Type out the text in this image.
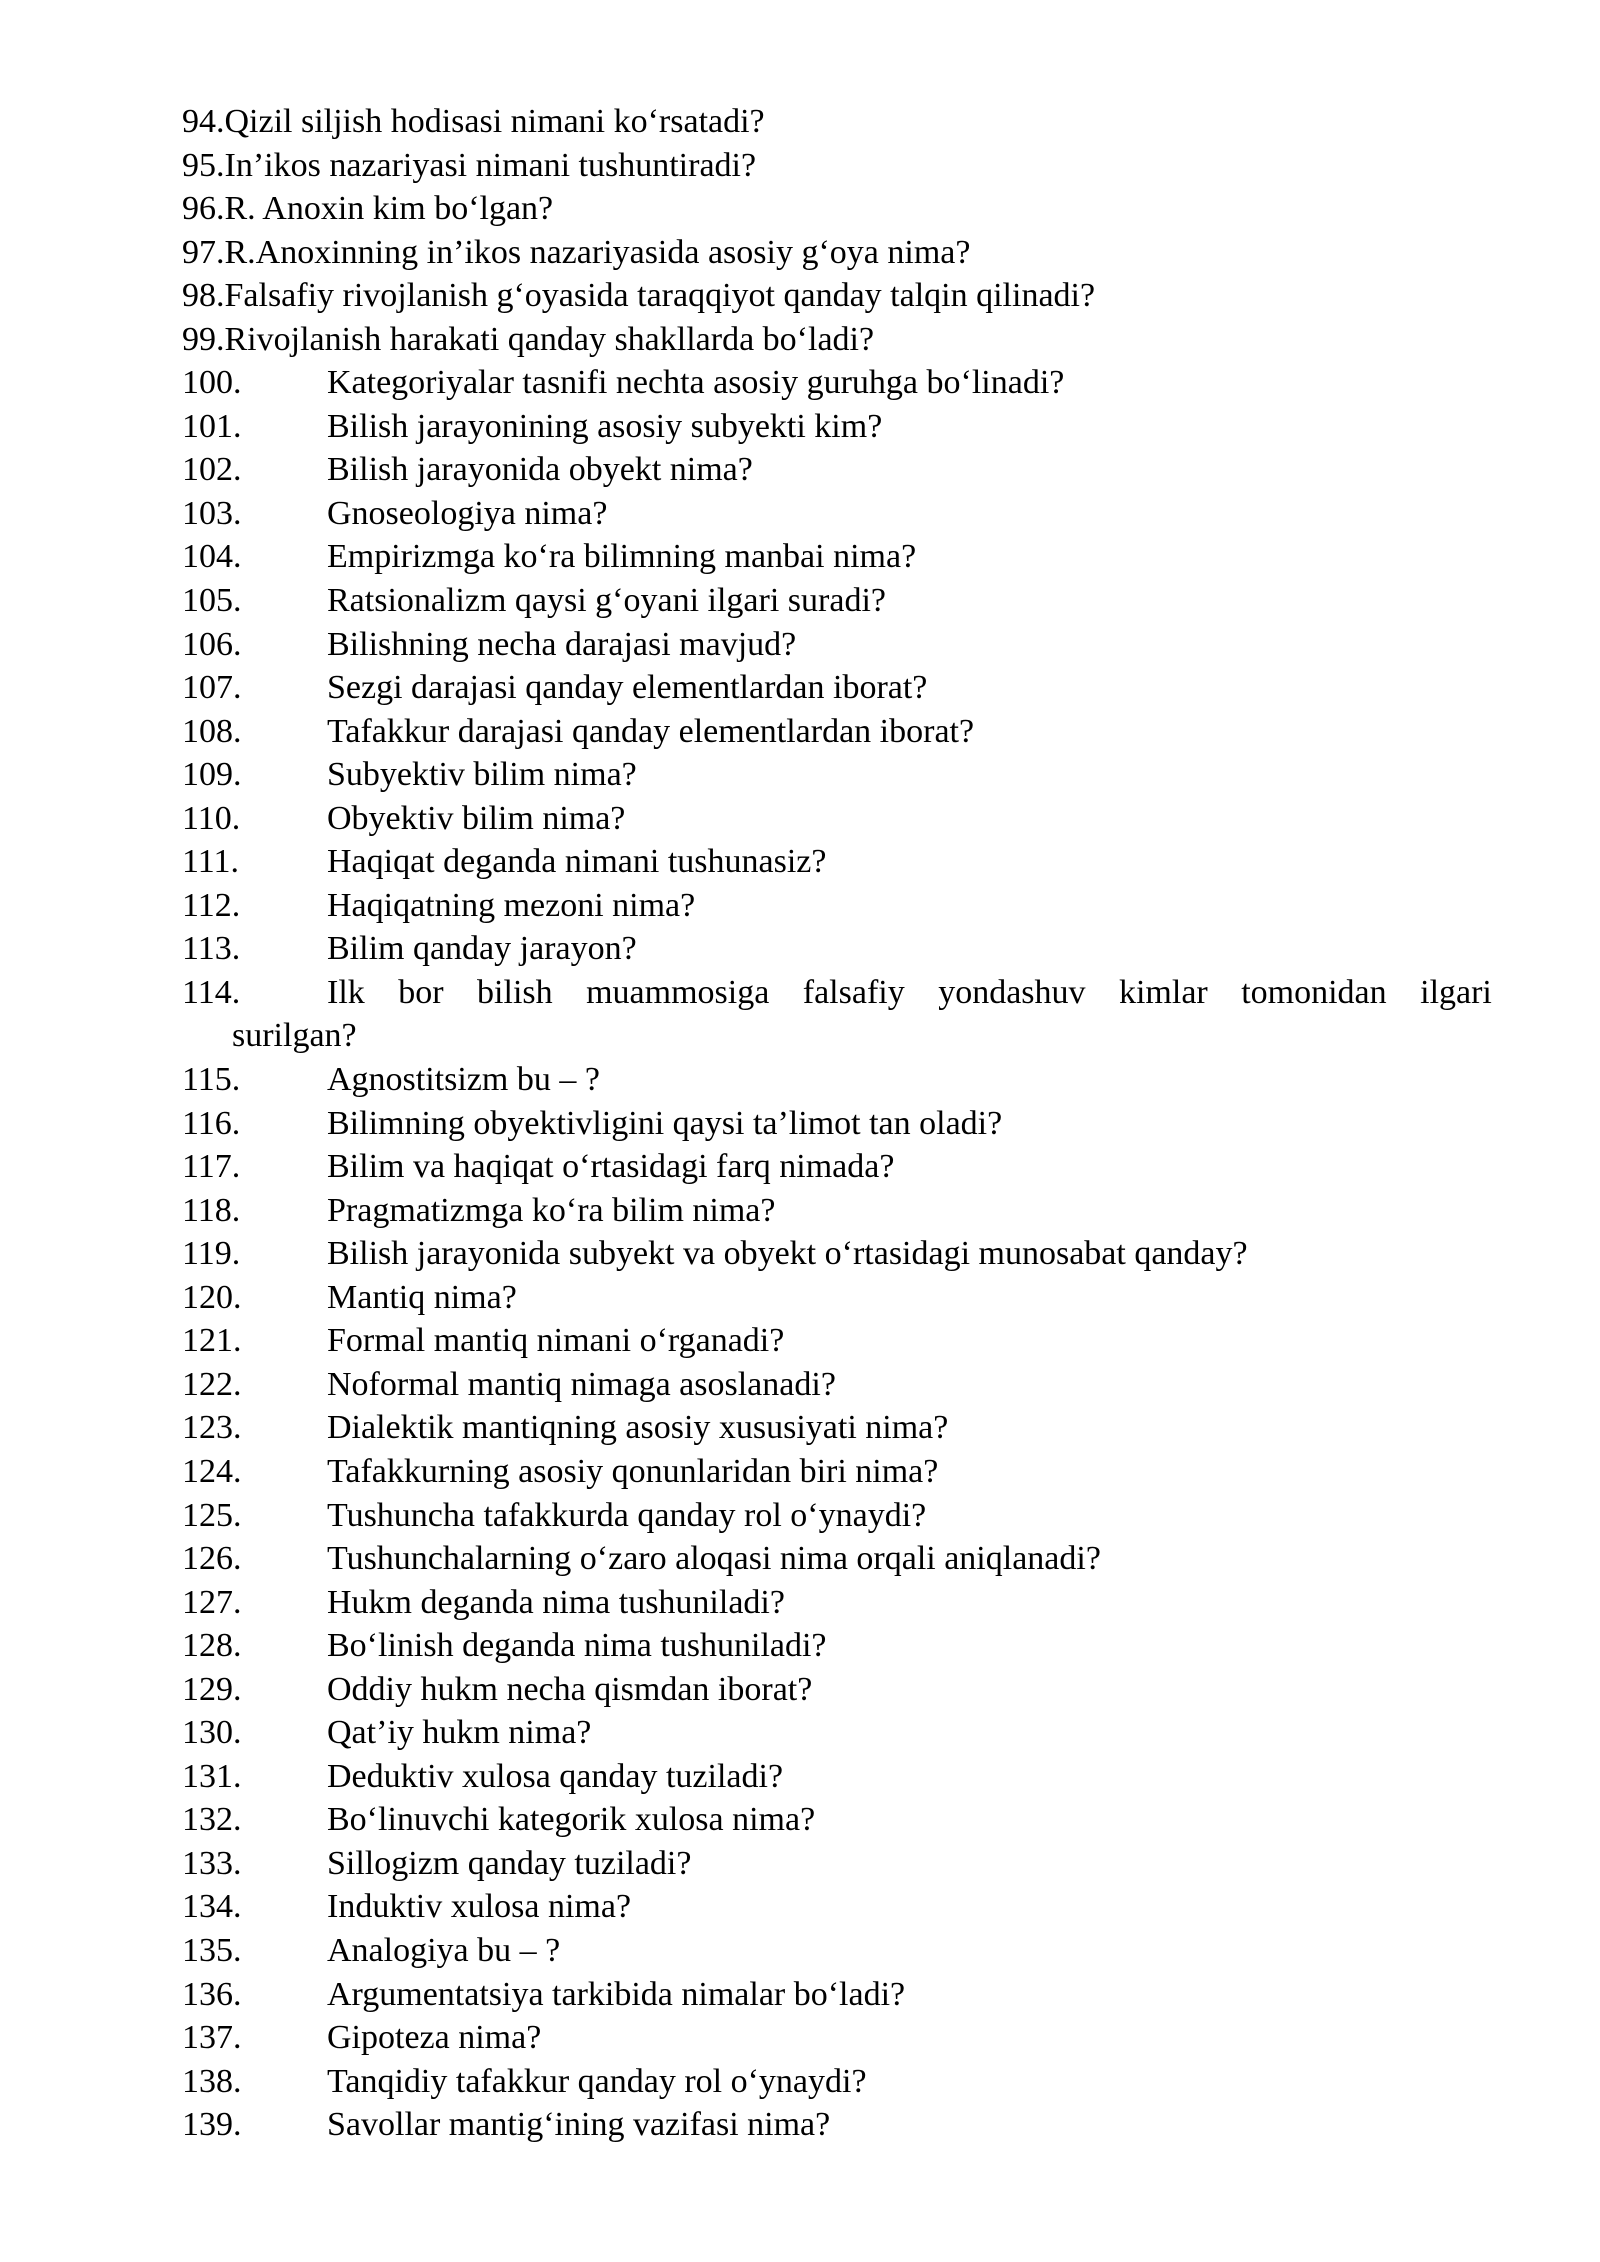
94. Qizil siljish hodisasi nimani ko‘rsatadi?
95. In’ikos nazariyasi nimani tushuntiradi?
96. R. Anoxin kim bo‘lgan?
97. R.Anoxinning in’ikos nazariyasida asosiy g‘oya nima?
98. Falsafiy rivojlanish g‘oyasida taraqqiyot qanday talqin qilinadi?
99. Rivojlanish harakati qanday shakllarda bo‘ladi?
100.	Kategoriyalar tasnifi nechta asosiy guruhga bo‘linadi?
101.	Bilish jarayonining asosiy subyekti kim?
102.	Bilish jarayonida obyekt nima?
103.	Gnoseologiya nima?
104.	Empirizmga ko‘ra bilimning manbai nima?
105.	Ratsionalizm qaysi g‘oyani ilgari suradi?
106.	Bilishning necha darajasi mavjud?
107.	Sezgi darajasi qanday elementlardan iborat?
108.	Tafakkur darajasi qanday elementlardan iborat?
109.	Subyektiv bilim nima?
110.	Obyektiv bilim nima?
111.	Haqiqat deganda nimani tushunasiz?
112.	Haqiqatning mezoni nima?
113.	Bilim qanday jarayon?
114.	Ilk bor bilish muammosiga falsafiy yondashuv kimlar tomonidan ilgari
surilgan?
115.	Agnostitsizm bu – ?
116.	Bilimning obyektivligini qaysi ta’limot tan oladi?
117.	Bilim va haqiqat o‘rtasidagi farq nimada?
118.	Pragmatizmga ko‘ra bilim nima?
119.	Bilish jarayonida subyekt va obyekt o‘rtasidagi munosabat qanday?
120.	Mantiq nima?
121.	Formal mantiq nimani o‘rganadi?
122.	Noformal mantiq nimaga asoslanadi?
123.	Dialektik mantiqning asosiy xususiyati nima?
124.	Tafakkurning asosiy qonunlaridan biri nima?
125.	Tushuncha tafakkurda qanday rol o‘ynaydi?
126.	Tushunchalarning o‘zaro aloqasi nima orqali aniqlanadi?
127.	Hukm deganda nima tushuniladi?
128.	Bo‘linish deganda nima tushuniladi?
129.	Oddiy hukm necha qismdan iborat?
130.	Qat’iy hukm nima?
131.	Deduktiv xulosa qanday tuziladi?
132.	Bo‘linuvchi kategorik xulosa nima?
133.	Sillogizm qanday tuziladi?
134.	Induktiv xulosa nima?
135.	Analogiya bu – ?
136.	Argumentatsiya tarkibida nimalar bo‘ladi?
137.	Gipoteza nima?
138.	Tanqidiy tafakkur qanday rol o‘ynaydi?
139.	Savollar mantig‘ining vazifasi nima?
